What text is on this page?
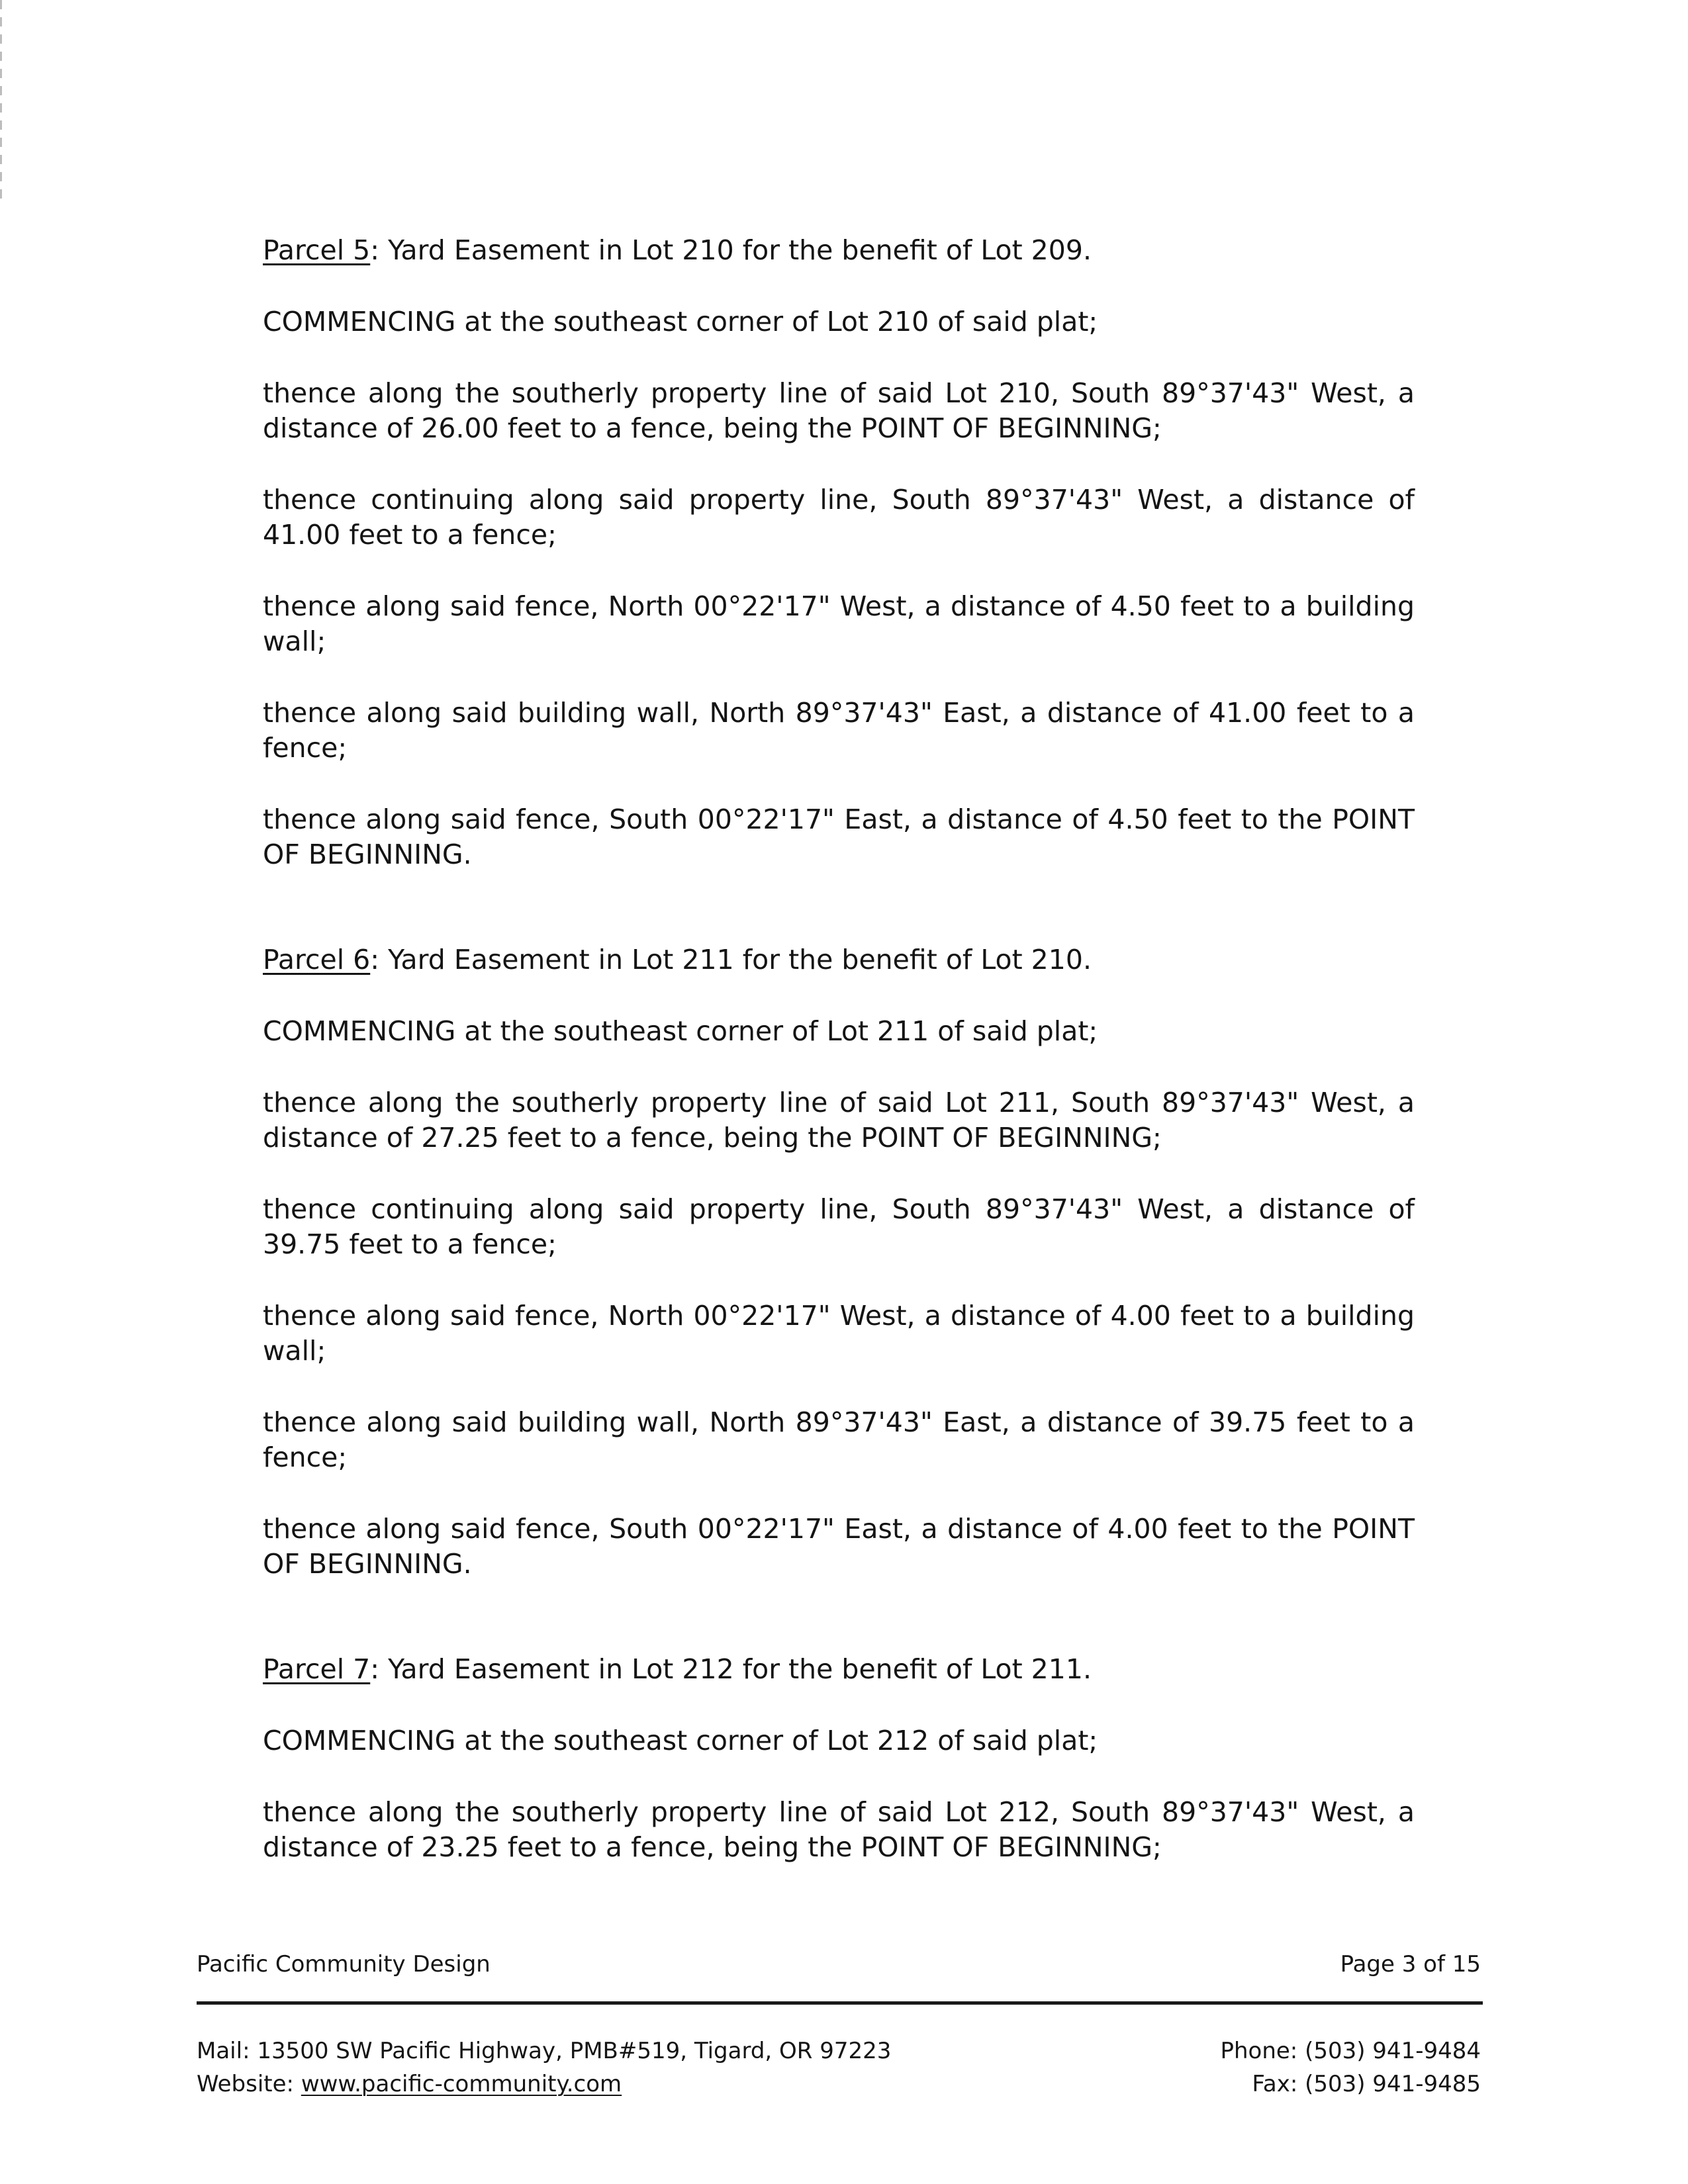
Parcel 5: Yard Easement in Lot 210 for the benefit of Lot 209.

COMMENCING at the southeast corner of Lot 210 of said plat;

thence along the southerly property line of said Lot 210, South 89°37'43" West, a distance of 26.00 feet to a fence, being the POINT OF BEGINNING;

thence continuing along said property line, South 89°37'43" West, a distance of 41.00 feet to a fence;

thence along said fence, North 00°22'17" West, a distance of 4.50 feet to a building wall;

thence along said building wall, North 89°37'43" East, a distance of 41.00 feet to a fence;

thence along said fence, South 00°22'17" East, a distance of 4.50 feet to the POINT OF BEGINNING.

Parcel 6: Yard Easement in Lot 211 for the benefit of Lot 210.

COMMENCING at the southeast corner of Lot 211 of said plat;

thence along the southerly property line of said Lot 211, South 89°37'43" West, a distance of 27.25 feet to a fence, being the POINT OF BEGINNING;

thence continuing along said property line, South 89°37'43" West, a distance of 39.75 feet to a fence;

thence along said fence, North 00°22'17" West, a distance of 4.00 feet to a building wall;

thence along said building wall, North 89°37'43" East, a distance of 39.75 feet to a fence;

thence along said fence, South 00°22'17" East, a distance of 4.00 feet to the POINT OF BEGINNING.

Parcel 7: Yard Easement in Lot 212 for the benefit of Lot 211.

COMMENCING at the southeast corner of Lot 212 of said plat;

thence along the southerly property line of said Lot 212, South 89°37'43" West, a distance of 23.25 feet to a fence, being the POINT OF BEGINNING;

Pacific Community Design	Page 3 of 15
Mail: 13500 SW Pacific Highway, PMB#519, Tigard, OR 97223
Website: www.pacific-community.com
Phone: (503) 941-9484
Fax: (503) 941-9485
